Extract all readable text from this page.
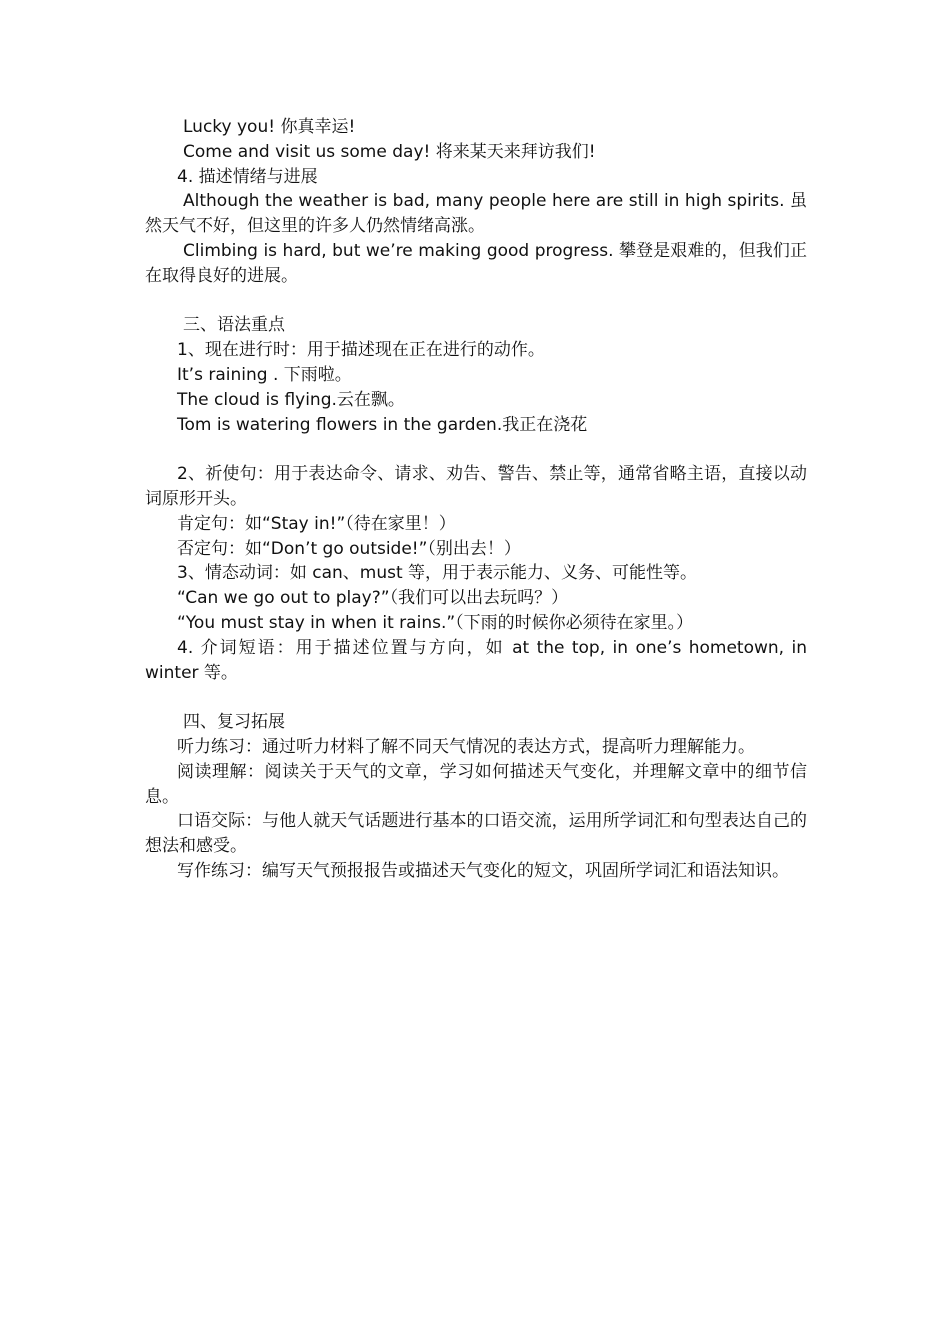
Lucky you! 你真幸运!

Come and visit us some day! 将来某天来拜访我们!

4. 描述情绪与进展

Although the weather is bad, many people here are still in high spirits. 虽然天气不好，但这里的许多人仍然情绪高涨。

Climbing is hard, but we’re making good progress. 攀登是艰难的，但我们正在取得良好的进展。

三、语法重点

1、现在进行时：用于描述现在正在进行的动作。

It’s raining . 下雨啦。

The cloud is flying.云在飘。

Tom is watering flowers in the garden.我正在浇花

2、祈使句：用于表达命令、请求、劝告、警告、禁止等，通常省略主语，直接以动词原形开头。

肯定句：如“Stay in!”（待在家里！）

否定句：如“Don’t go outside!”（别出去！）

3、情态动词：如 can、must 等，用于表示能力、义务、可能性等。

“Can we go out to play?”（我们可以出去玩吗？）

“You must stay in when it rains.”（下雨的时候你必须待在家里。）

4. 介词短语：用于描述位置与方向，如 at the top, in one’s hometown, in winter 等。

四、复习拓展

听力练习：通过听力材料了解不同天气情况的表达方式，提高听力理解能力。

阅读理解：阅读关于天气的文章，学习如何描述天气变化，并理解文章中的细节信息。

口语交际：与他人就天气话题进行基本的口语交流，运用所学词汇和句型表达自己的想法和感受。

写作练习：编写天气预报报告或描述天气变化的短文，巩固所学词汇和语法知识。
